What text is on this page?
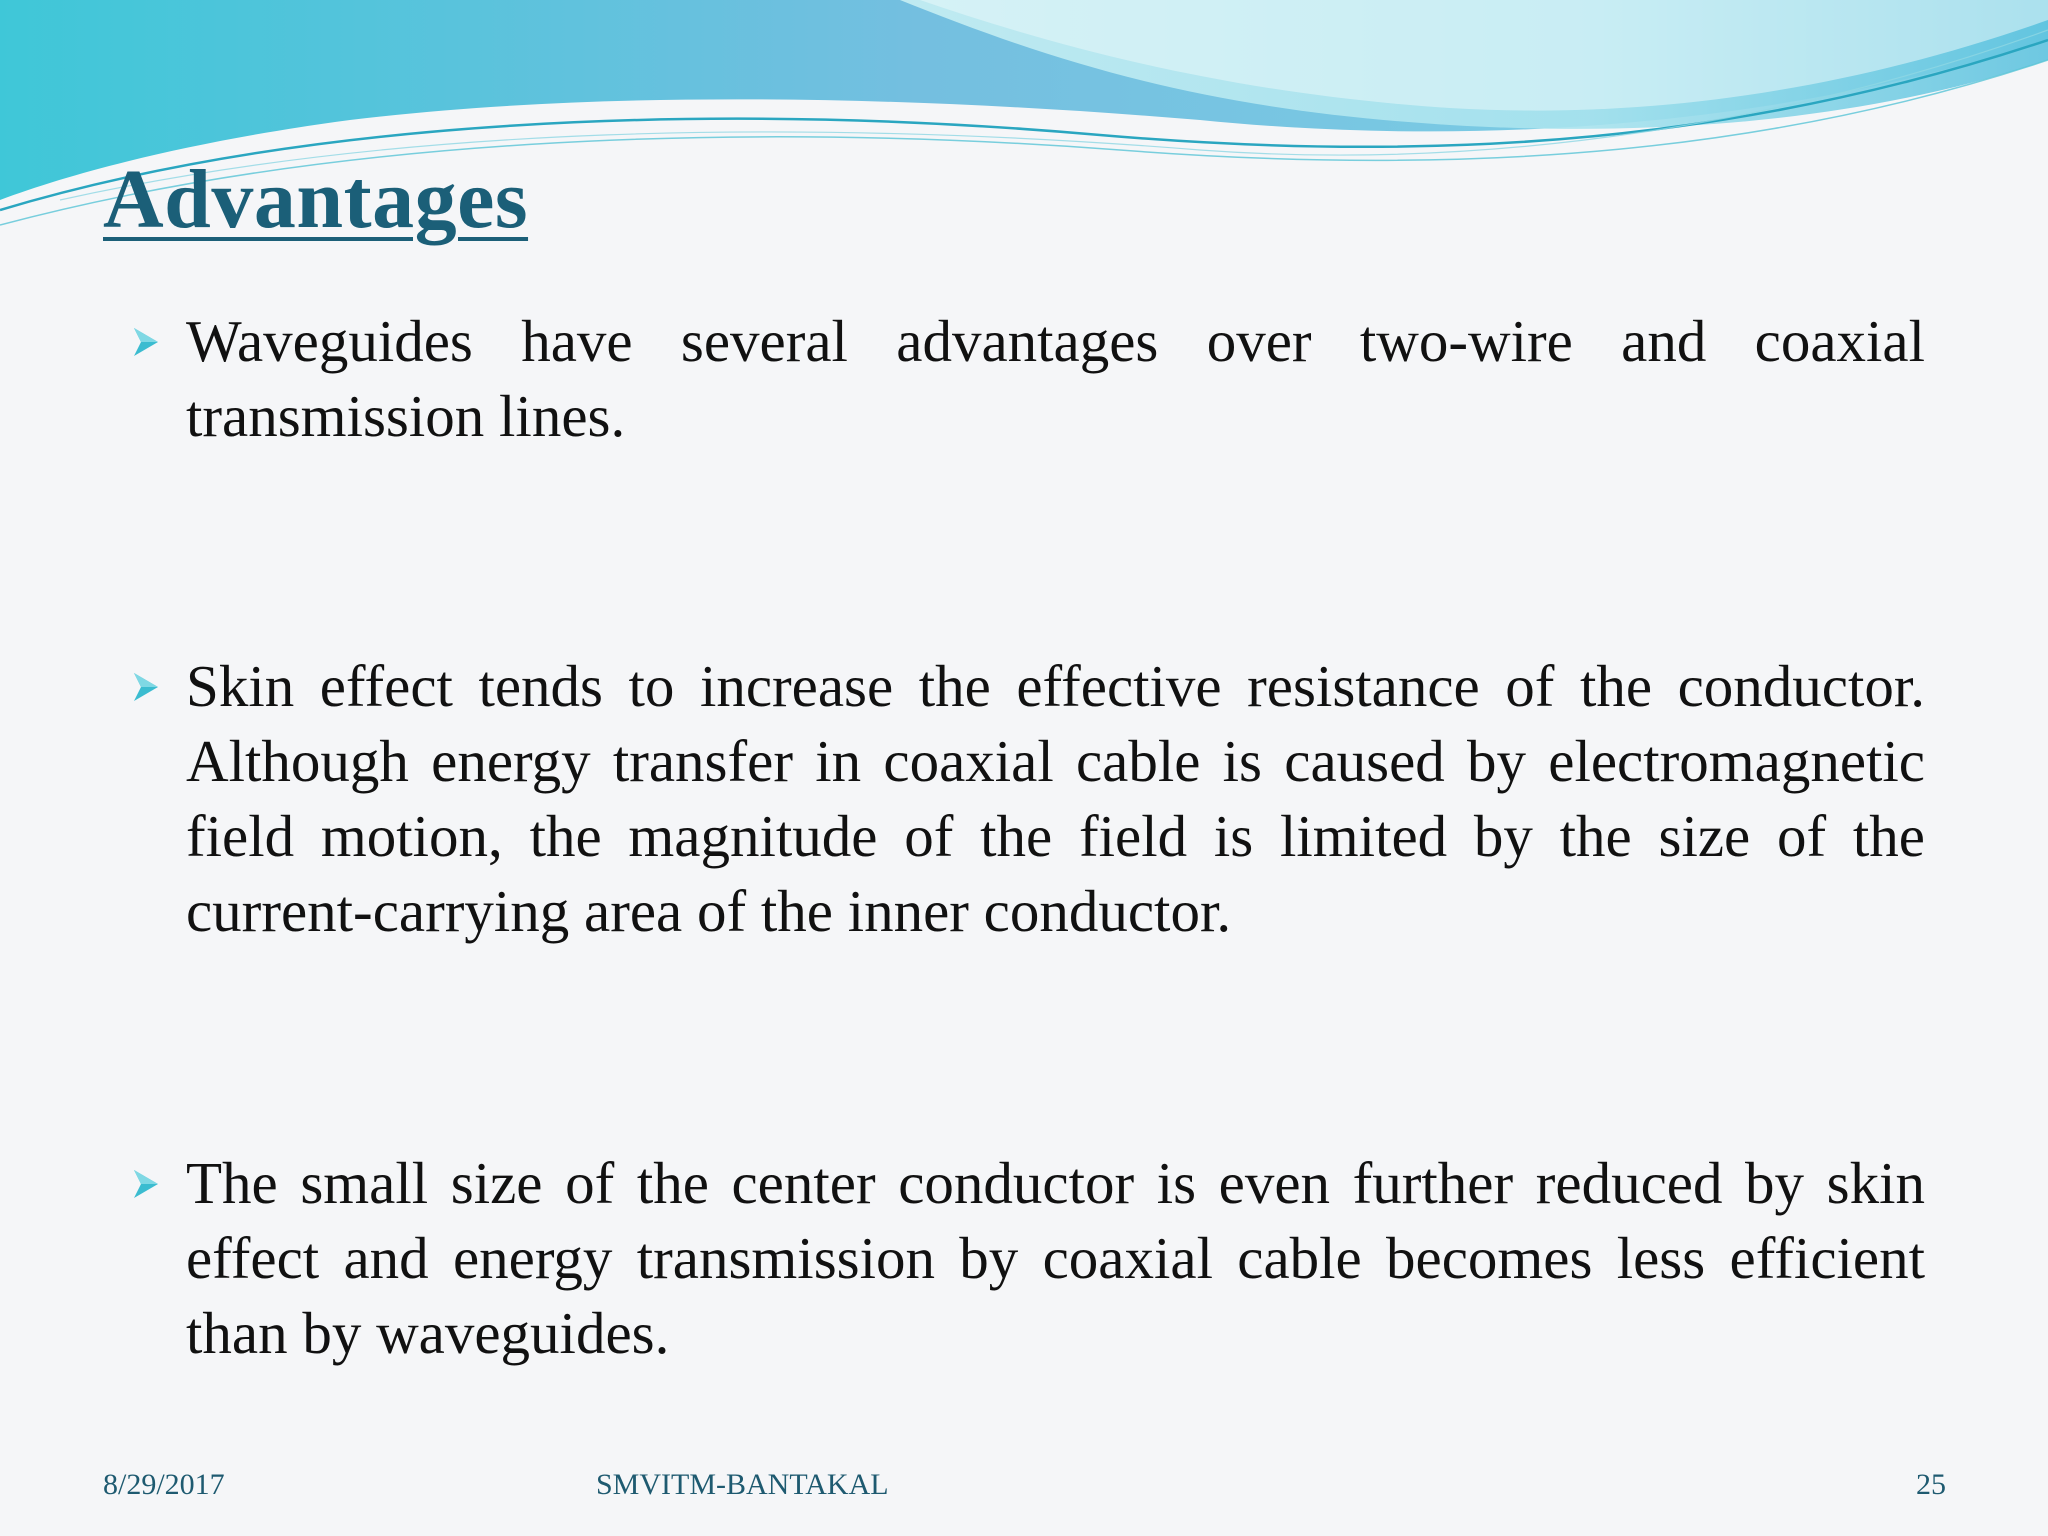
Advantages
Waveguides have several advantages over two-wire and coaxial transmission lines.
Skin effect tends to increase the effective resistance of the conductor. Although energy transfer in coaxial cable is caused by electromagnetic field motion, the magnitude of the field is limited by the size of the current-carrying area of the inner conductor.
The small size of the center conductor is even further reduced by skin effect and energy transmission by coaxial cable becomes less efficient than by waveguides.
8/29/2017	SMVITM-BANTAKAL	25
